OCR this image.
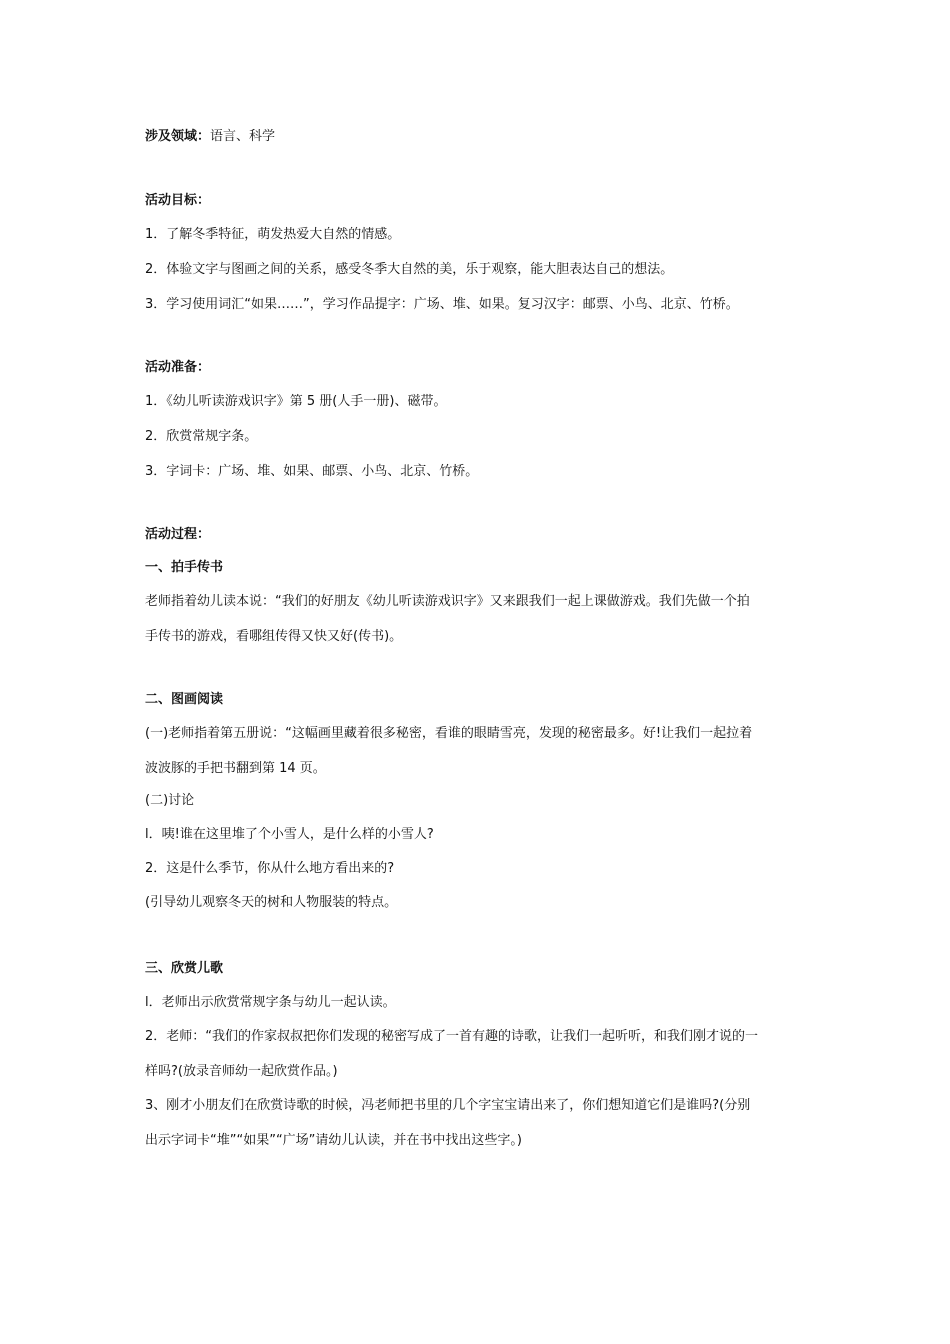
涉及领域：语言、科学
活动目标：
1．了解冬季特征，萌发热爱大自然的情感。
2．体验文字与图画之间的关系，感受冬季大自然的美，乐于观察，能大胆表达自己的想法。
3．学习使用词汇“如果……”，学习作品提字：广场、堆、如果。复习汉字：邮票、小鸟、北京、竹桥。
活动准备：
1．《幼儿听读游戏识字》第 5 册(人手一册)、磁带。
2．欣赏常规字条。
3．字词卡：广场、堆、如果、邮票、小鸟、北京、竹桥。
活动过程：
一、拍手传书
老师指着幼儿读本说：“我们的好朋友《幼儿听读游戏识字》又来跟我们一起上课做游戏。我们先做一个拍
手传书的游戏，看哪组传得又快又好(传书)。
二、图画阅读
(一)老师指着第五册说：“这幅画里藏着很多秘密，看谁的眼睛雪亮，发现的秘密最多。好!让我们一起拉着
波波豚的手把书翻到第 14 页。
(二)讨论
l．咦!谁在这里堆了个小雪人，是什么样的小雪人?
2．这是什么季节，你从什么地方看出来的?
(引导幼儿观察冬天的树和人物服装的特点。
三、欣赏儿歌
l．老师出示欣赏常规字条与幼儿一起认读。
2．老师：“我们的作家叔叔把你们发现的秘密写成了一首有趣的诗歌，让我们一起听听，和我们刚才说的一
样吗?(放录音师幼一起欣赏作品。)
3、刚才小朋友们在欣赏诗歌的时候，冯老师把书里的几个字宝宝请出来了，你们想知道它们是谁吗?(分别
出示字词卡“堆”“如果”“广场”请幼儿认读，并在书中找出这些字。)
